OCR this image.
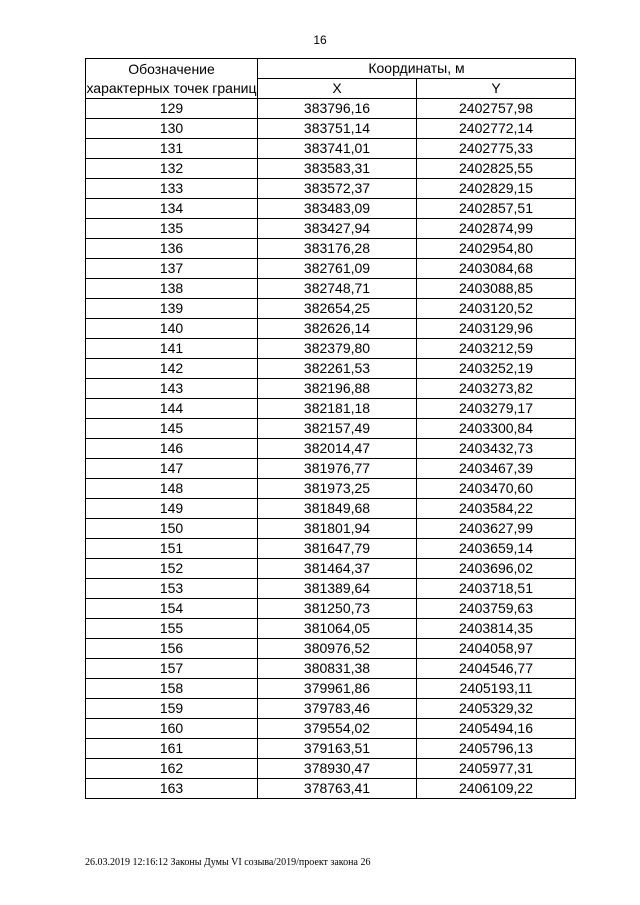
16
Обозначение характерных точек границ	Координаты, м	
	X	Y
129	383796,16	2402757,98
130	383751,14	2402772,14
131	383741,01	2402775,33
132	383583,31	2402825,55
133	383572,37	2402829,15
134	383483,09	2402857,51
135	383427,94	2402874,99
136	383176,28	2402954,80
137	382761,09	2403084,68
138	382748,71	2403088,85
139	382654,25	2403120,52
140	382626,14	2403129,96
141	382379,80	2403212,59
142	382261,53	2403252,19
143	382196,88	2403273,82
144	382181,18	2403279,17
145	382157,49	2403300,84
146	382014,47	2403432,73
147	381976,77	2403467,39
148	381973,25	2403470,60
149	381849,68	2403584,22
150	381801,94	2403627,99
151	381647,79	2403659,14
152	381464,37	2403696,02
153	381389,64	2403718,51
154	381250,73	2403759,63
155	381064,05	2403814,35
156	380976,52	2404058,97
157	380831,38	2404546,77
158	379961,86	2405193,11
159	379783,46	2405329,32
160	379554,02	2405494,16
161	379163,51	2405796,13
162	378930,47	2405977,31
163	378763,41	2406109,22
26.03.2019 12:16:12 Законы Думы VI созыва/2019/проект закона 26
